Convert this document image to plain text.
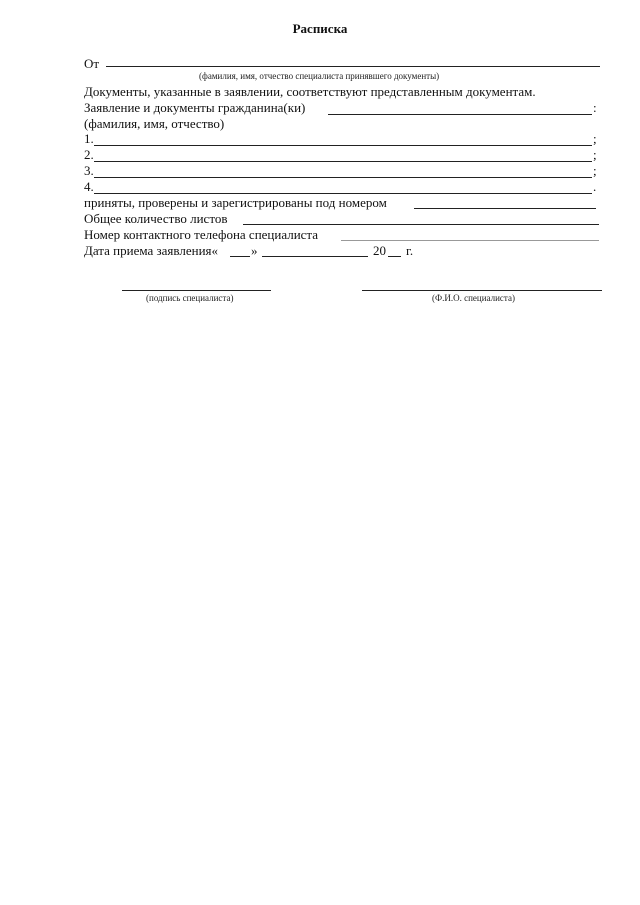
Расписка
От
(фамилия, имя, отчество специалиста принявшего документы)
Документы, указанные в заявлении, соответствуют представленным документам.
Заявление и документы гражданина(ки)	:
(фамилия, имя, отчество)
1.	;
2.	;
3.	;
4.	.
приняты, проверены и зарегистрированы под номером
Общее количество листов
Номер контактного телефона специалиста
Дата приема заявления«	»	20 г.
(подпись специалиста)	(Ф.И.О. специалиста)
